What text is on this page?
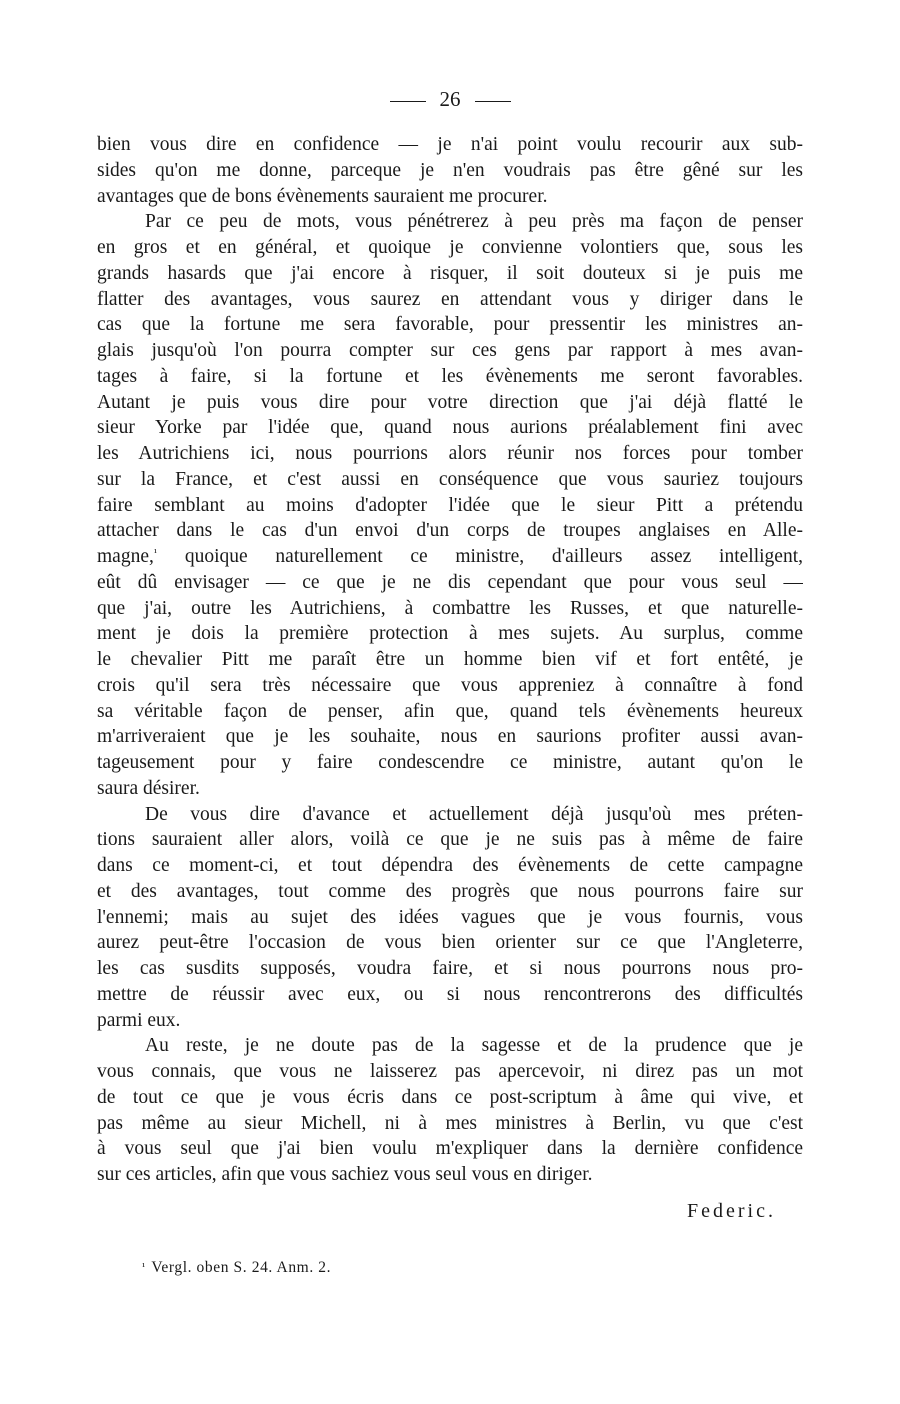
26
bien vous dire en confidence — je n'ai point voulu recourir aux sub-
sides qu'on me donne, parceque je n'en voudrais pas être gêné sur les
avantages que de bons évènements sauraient me procurer.
Par ce peu de mots, vous pénétrerez à peu près ma façon de penser
en gros et en général, et quoique je convienne volontiers que, sous les
grands hasards que j'ai encore à risquer, il soit douteux si je puis me
flatter des avantages, vous saurez en attendant vous y diriger dans le
cas que la fortune me sera favorable, pour pressentir les ministres an-
glais jusqu'où l'on pourra compter sur ces gens par rapport à mes avan-
tages à faire, si la fortune et les évènements me seront favorables.
Autant je puis vous dire pour votre direction que j'ai déjà flatté le
sieur Yorke par l'idée que, quand nous aurions préalablement fini avec
les Autrichiens ici, nous pourrions alors réunir nos forces pour tomber
sur la France, et c'est aussi en conséquence que vous sauriez toujours
faire semblant au moins d'adopter l'idée que le sieur Pitt a prétendu
attacher dans le cas d'un envoi d'un corps de troupes anglaises en Alle-
magne,$^{^1}$ quoique naturellement ce ministre, d'ailleurs assez intelligent,
eût dû envisager — ce que je ne dis cependant que pour vous seul —
que j'ai, outre les Autrichiens, à combattre les Russes, et que naturelle-
ment je dois la première protection à mes sujets. Au surplus, comme
le chevalier Pitt me paraît être un homme bien vif et fort entêté, je
crois qu'il sera très nécessaire que vous appreniez à connaître à fond
sa véritable façon de penser, afin que, quand tels évènements heureux
m'arriveraient que je les souhaite, nous en saurions profiter aussi avan-
tageusement pour y faire condescendre ce ministre, autant qu'on le
saura désirer.
De vous dire d'avance et actuellement déjà jusqu'où mes préten-
tions sauraient aller alors, voilà ce que je ne suis pas à même de faire
dans ce moment-ci, et tout dépendra des évènements de cette campagne
et des avantages, tout comme des progrès que nous pourrons faire sur
l'ennemi; mais au sujet des idées vagues que je vous fournis, vous
aurez peut-être l'occasion de vous bien orienter sur ce que l'Angleterre,
les cas susdits supposés, voudra faire, et si nous pourrons nous pro-
mettre de réussir avec eux, ou si nous rencontrerons des difficultés
parmi eux.
Au reste, je ne doute pas de la sagesse et de la prudence que je
vous connais, que vous ne laisserez pas apercevoir, ni direz pas un mot
de tout ce que je vous écris dans ce post-scriptum à âme qui vive, et
pas même au sieur Michell, ni à mes ministres à Berlin, vu que c'est
à vous seul que j'ai bien voulu m'expliquer dans la dernière confidence
sur ces articles, afin que vous sachiez vous seul vous en diriger.
Federic.
¹ Vergl. oben S. 24. Anm. 2.
